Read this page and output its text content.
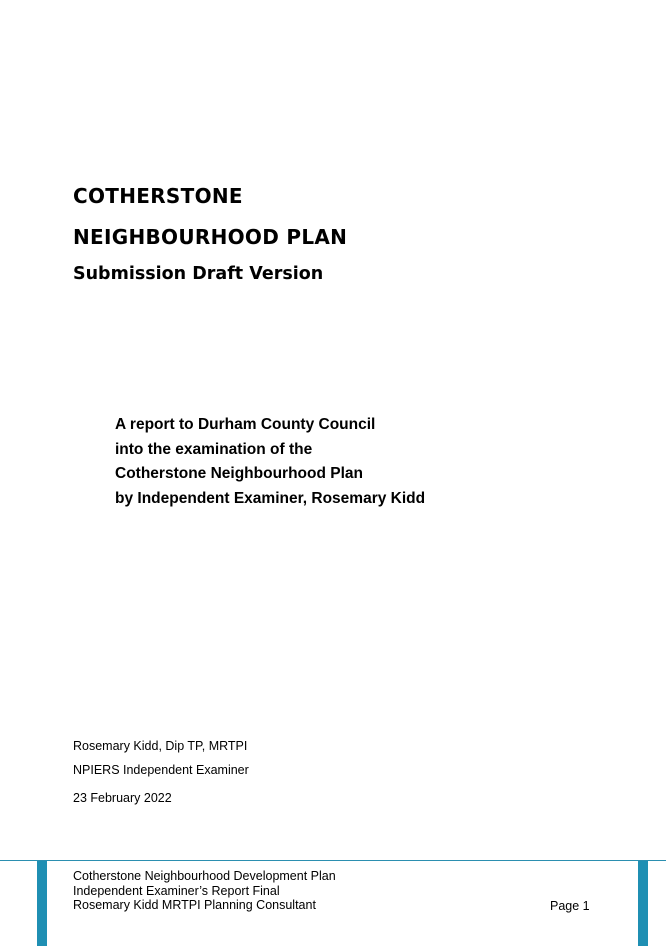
COTHERSTONE
NEIGHBOURHOOD PLAN
Submission Draft Version
A report to Durham County Council
into the examination of the
Cotherstone Neighbourhood Plan
by Independent Examiner, Rosemary Kidd
Rosemary Kidd, Dip TP, MRTPI
NPIERS Independent Examiner
23 February 2022
Cotherstone Neighbourhood Development Plan
Independent Examiner’s Report Final
Rosemary Kidd MRTPI Planning Consultant	Page 1
